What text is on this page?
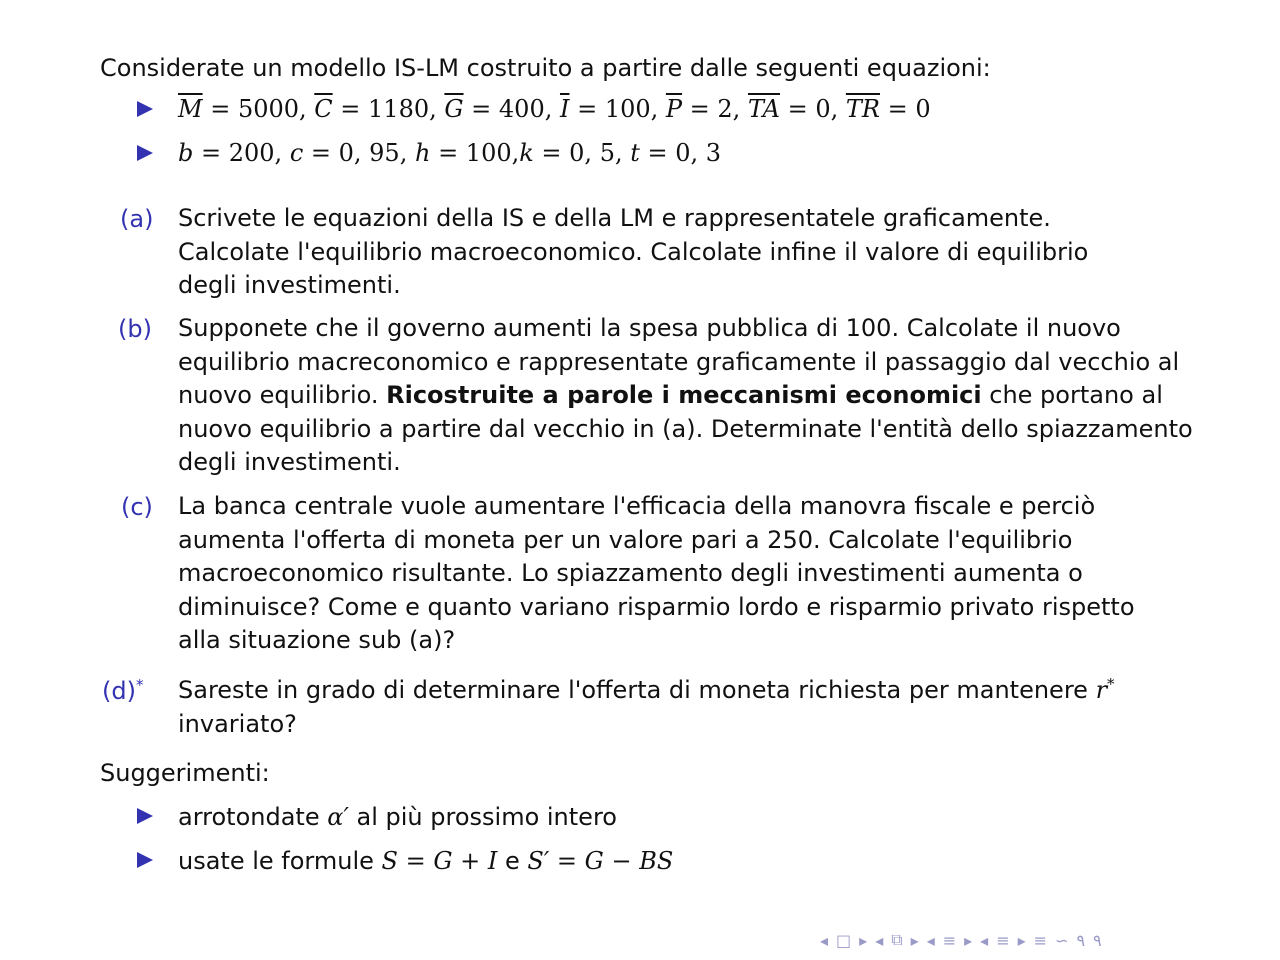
Considerate un modello IS-LM costruito a partire dalle seguenti equazioni:
$\overline{M} = 5000$, $\overline{C} = 1180$, $\overline{G} = 400$, $\overline{I} = 100$, $\overline{P} = 2$, $\overline{TA} = 0$, $\overline{TR} = 0$
b = 200, c = 0, 95, h = 100,k = 0, 5, t = 0, 3
(a) Scrivete le equazioni della IS e della LM e rappresentatele graficamente. Calcolate l'equilibrio macroeconomico. Calcolate infine il valore di equilibrio degli investimenti.
(b) Supponete che il governo aumenti la spesa pubblica di 100. Calcolate il nuovo equilibrio macreconomico e rappresentate graficamente il passaggio dal vecchio al nuovo equilibrio. Ricostruite a parole i meccanismi economici che portano al nuovo equilibrio a partire dal vecchio in (a). Determinate l'entità dello spiazzamento degli investimenti.
(c) La banca centrale vuole aumentare l'efficacia della manovra fiscale e perciò aumenta l'offerta di moneta per un valore pari a 250. Calcolate l'equilibrio macroeconomico risultante. Lo spiazzamento degli investimenti aumenta o diminuisce? Come e quanto variano risparmio lordo e risparmio privato rispetto alla situazione sub (a)?
(d)* Sareste in grado di determinare l'offerta di moneta richiesta per mantenere r* invariato?
Suggerimenti:
arrotondate α′ al più prossimo intero
usate le formule S = G + I e S′ = G − BS
◂ □ ▸ ◂ ⧉ ▸ ◂ ≡ ▸ ◂ ≡ ▸ ≡ ∽ ۹ ۹
